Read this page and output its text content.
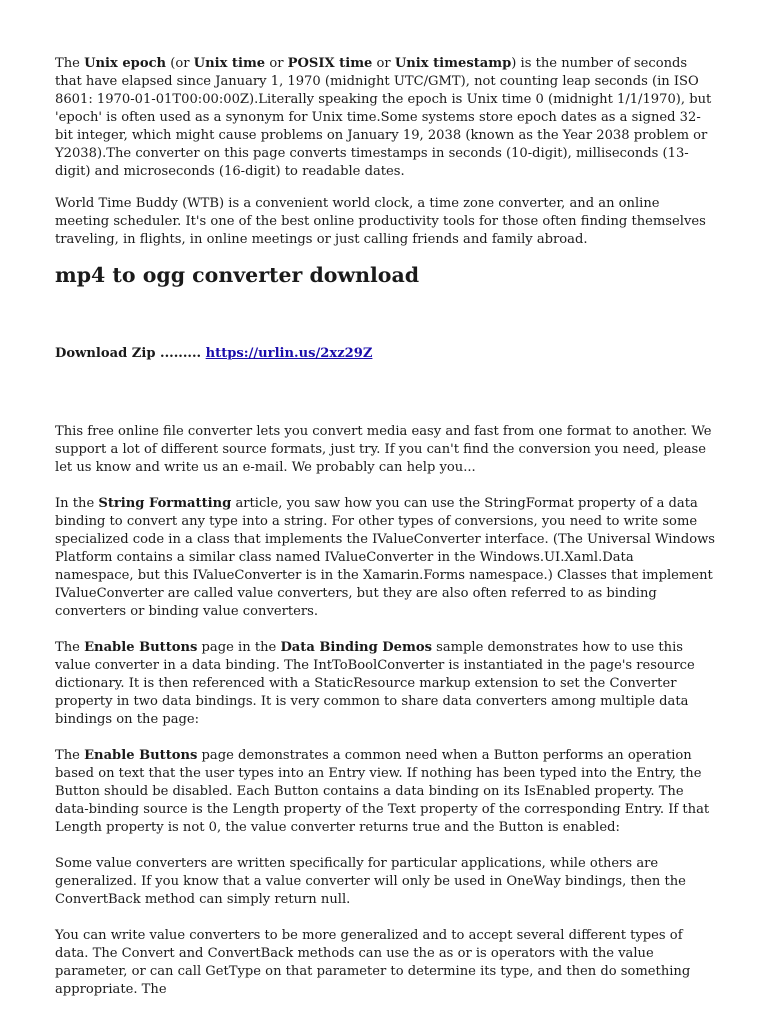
The Unix epoch (or Unix time or POSIX time or Unix timestamp) is the number of seconds that have elapsed since January 1, 1970 (midnight UTC/GMT), not counting leap seconds (in ISO 8601: 1970-01-01T00:00:00Z).Literally speaking the epoch is Unix time 0 (midnight 1/1/1970), but 'epoch' is often used as a synonym for Unix time.Some systems store epoch dates as a signed 32-bit integer, which might cause problems on January 19, 2038 (known as the Year 2038 problem or Y2038).The converter on this page converts timestamps in seconds (10-digit), milliseconds (13-digit) and microseconds (16-digit) to readable dates.

World Time Buddy (WTB) is a convenient world clock, a time zone converter, and an online meeting scheduler. It's one of the best online productivity tools for those often finding themselves traveling, in flights, in online meetings or just calling friends and family abroad.

mp4 to ogg converter download

Download Zip ......... https://urlin.us/2xz29Z

This free online file converter lets you convert media easy and fast from one format to another. We support a lot of different source formats, just try. If you can't find the conversion you need, please let us know and write us an e-mail. We probably can help you...

In the String Formatting article, you saw how you can use the StringFormat property of a data binding to convert any type into a string. For other types of conversions, you need to write some specialized code in a class that implements the IValueConverter interface. (The Universal Windows Platform contains a similar class named IValueConverter in the Windows.UI.Xaml.Data namespace, but this IValueConverter is in the Xamarin.Forms namespace.) Classes that implement IValueConverter are called value converters, but they are also often referred to as binding converters or binding value converters.

The Enable Buttons page in the Data Binding Demos sample demonstrates how to use this value converter in a data binding. The IntToBoolConverter is instantiated in the page's resource dictionary. It is then referenced with a StaticResource markup extension to set the Converter property in two data bindings. It is very common to share data converters among multiple data bindings on the page:

The Enable Buttons page demonstrates a common need when a Button performs an operation based on text that the user types into an Entry view. If nothing has been typed into the Entry, the Button should be disabled. Each Button contains a data binding on its IsEnabled property. The data-binding source is the Length property of the Text property of the corresponding Entry. If that Length property is not 0, the value converter returns true and the Button is enabled:

Some value converters are written specifically for particular applications, while others are generalized. If you know that a value converter will only be used in OneWay bindings, then the ConvertBack method can simply return null.

You can write value converters to be more generalized and to accept several different types of data. The Convert and ConvertBack methods can use the as or is operators with the value parameter, or can call GetType on that parameter to determine its type, and then do something appropriate. The
